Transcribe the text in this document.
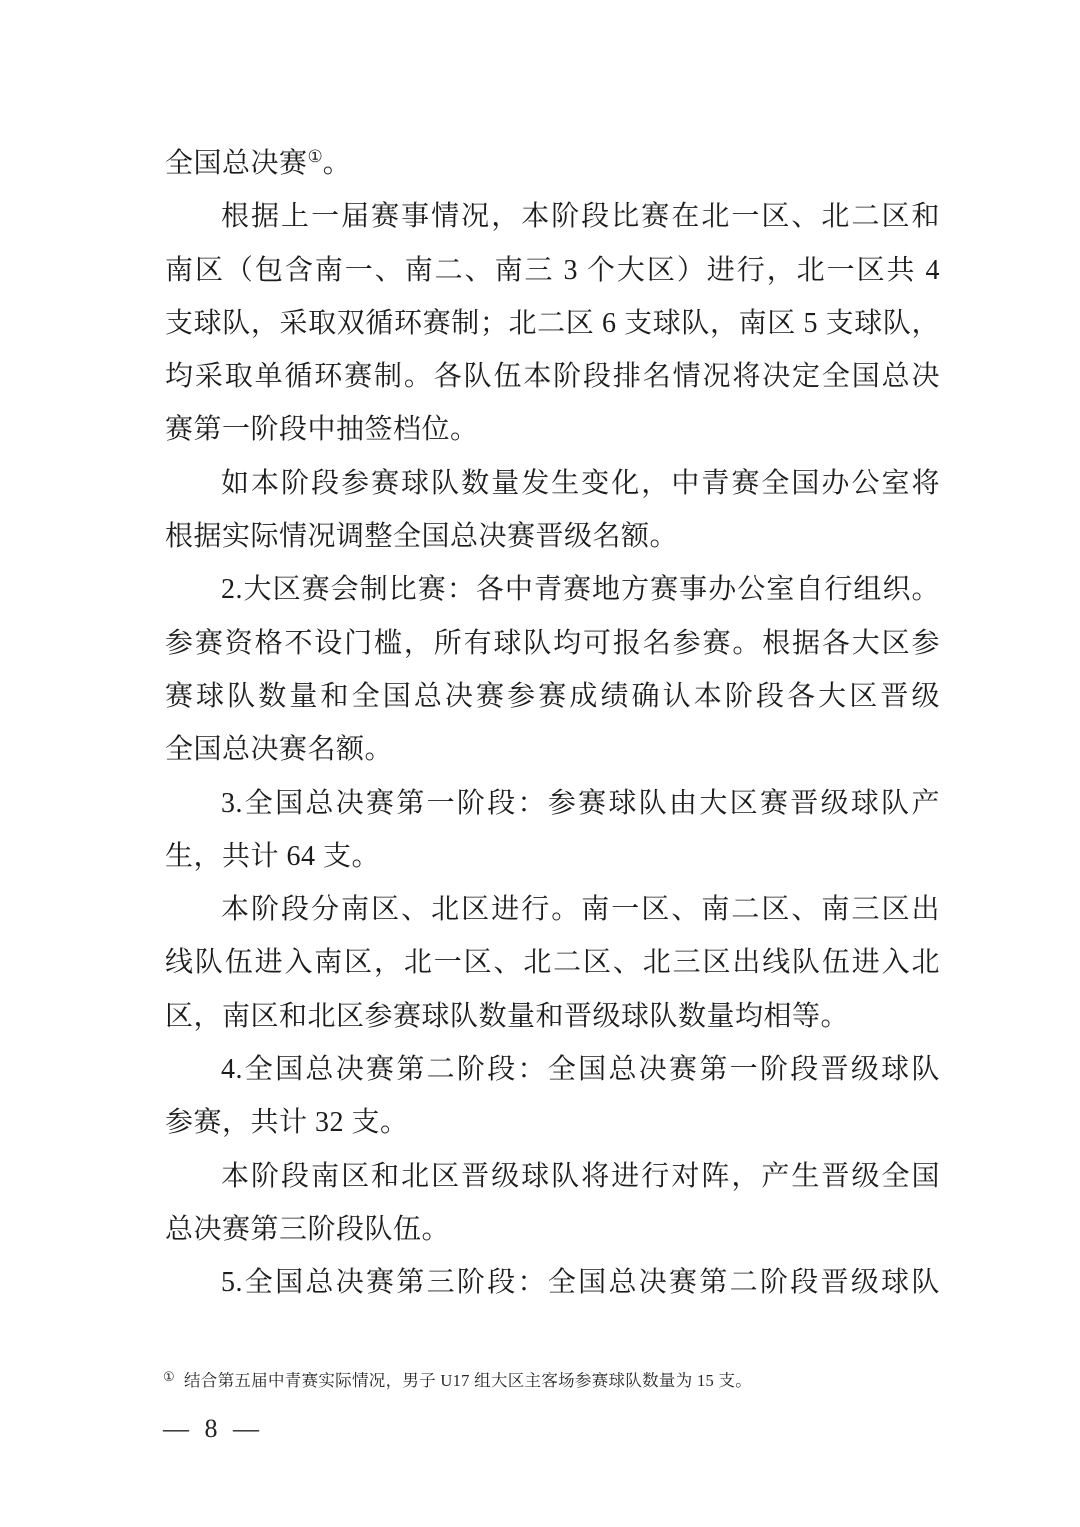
全国总决赛①。
根据上一届赛事情况，本阶段比赛在北一区、北二区和
南区（包含南一、南二、南三 3 个大区）进行，北一区共 4
支球队，采取双循环赛制；北二区 6 支球队，南区 5 支球队，
均采取单循环赛制。各队伍本阶段排名情况将决定全国总决
赛第一阶段中抽签档位。
如本阶段参赛球队数量发生变化，中青赛全国办公室将
根据实际情况调整全国总决赛晋级名额。
2.大区赛会制比赛：各中青赛地方赛事办公室自行组织。
参赛资格不设门槛，所有球队均可报名参赛。根据各大区参
赛球队数量和全国总决赛参赛成绩确认本阶段各大区晋级
全国总决赛名额。
3.全国总决赛第一阶段：参赛球队由大区赛晋级球队产
生，共计 64 支。
本阶段分南区、北区进行。南一区、南二区、南三区出
线队伍进入南区，北一区、北二区、北三区出线队伍进入北
区，南区和北区参赛球队数量和晋级球队数量均相等。
4.全国总决赛第二阶段：全国总决赛第一阶段晋级球队
参赛，共计 32 支。
本阶段南区和北区晋级球队将进行对阵，产生晋级全国
总决赛第三阶段队伍。
5.全国总决赛第三阶段：全国总决赛第二阶段晋级球队
① 结合第五届中青赛实际情况，男子 U17 组大区主客场参赛球队数量为 15 支。
— 8 —
